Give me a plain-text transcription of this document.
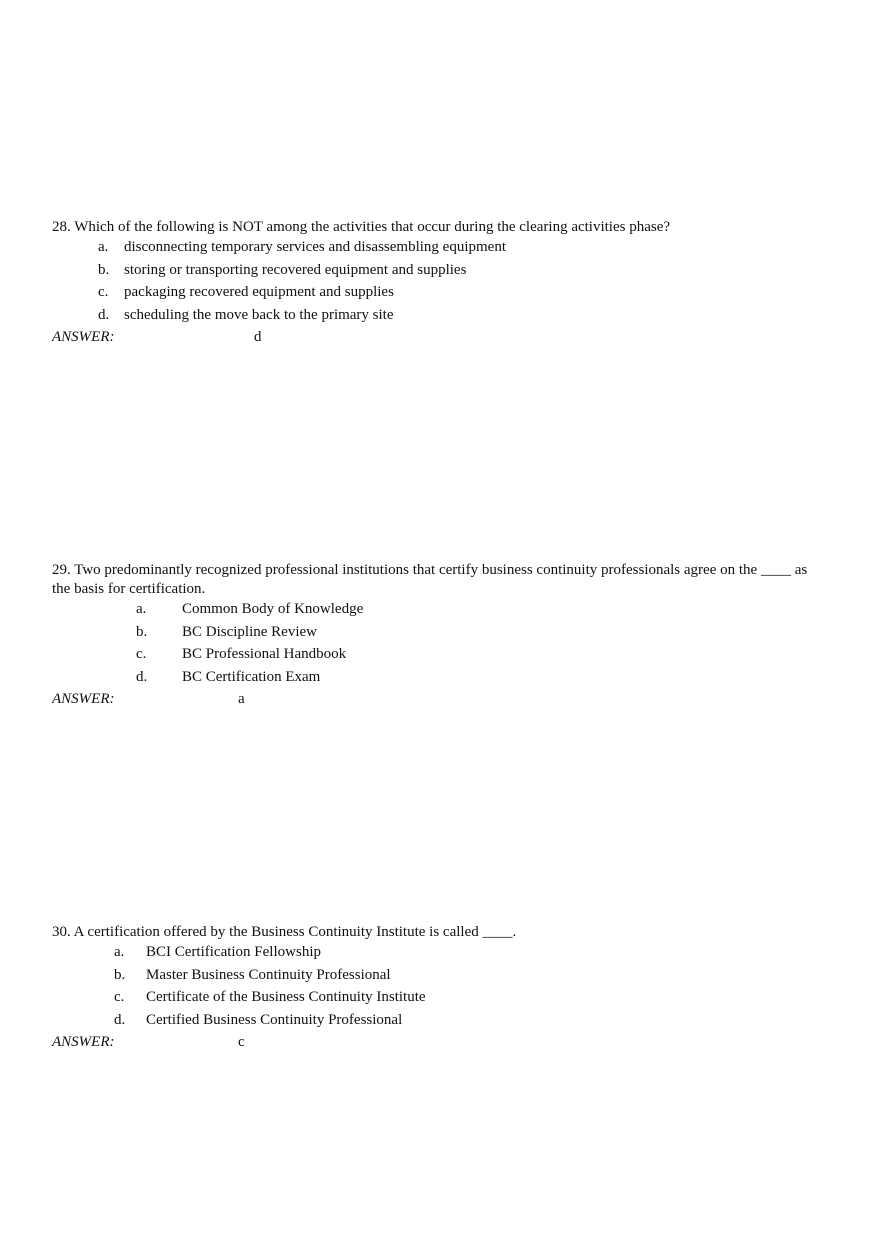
28. Which of the following is NOT among the activities that occur during the clearing activities phase?

a. disconnecting temporary services and disassembling equipment
b. storing or transporting recovered equipment and supplies
c. packaging recovered equipment and supplies
d. scheduling the move back to the primary site
ANSWER:	d

29. Two predominantly recognized professional institutions that certify business continuity professionals agree on the ____ as the basis for certification.

a. Common Body of Knowledge
b. BC Discipline Review
c. BC Professional Handbook
d. BC Certification Exam
ANSWER:	a

30. A certification offered by the Business Continuity Institute is called ____.

a. BCI Certification Fellowship
b. Master Business Continuity Professional
c. Certificate of the Business Continuity Institute
d. Certified Business Continuity Professional
ANSWER:	c
